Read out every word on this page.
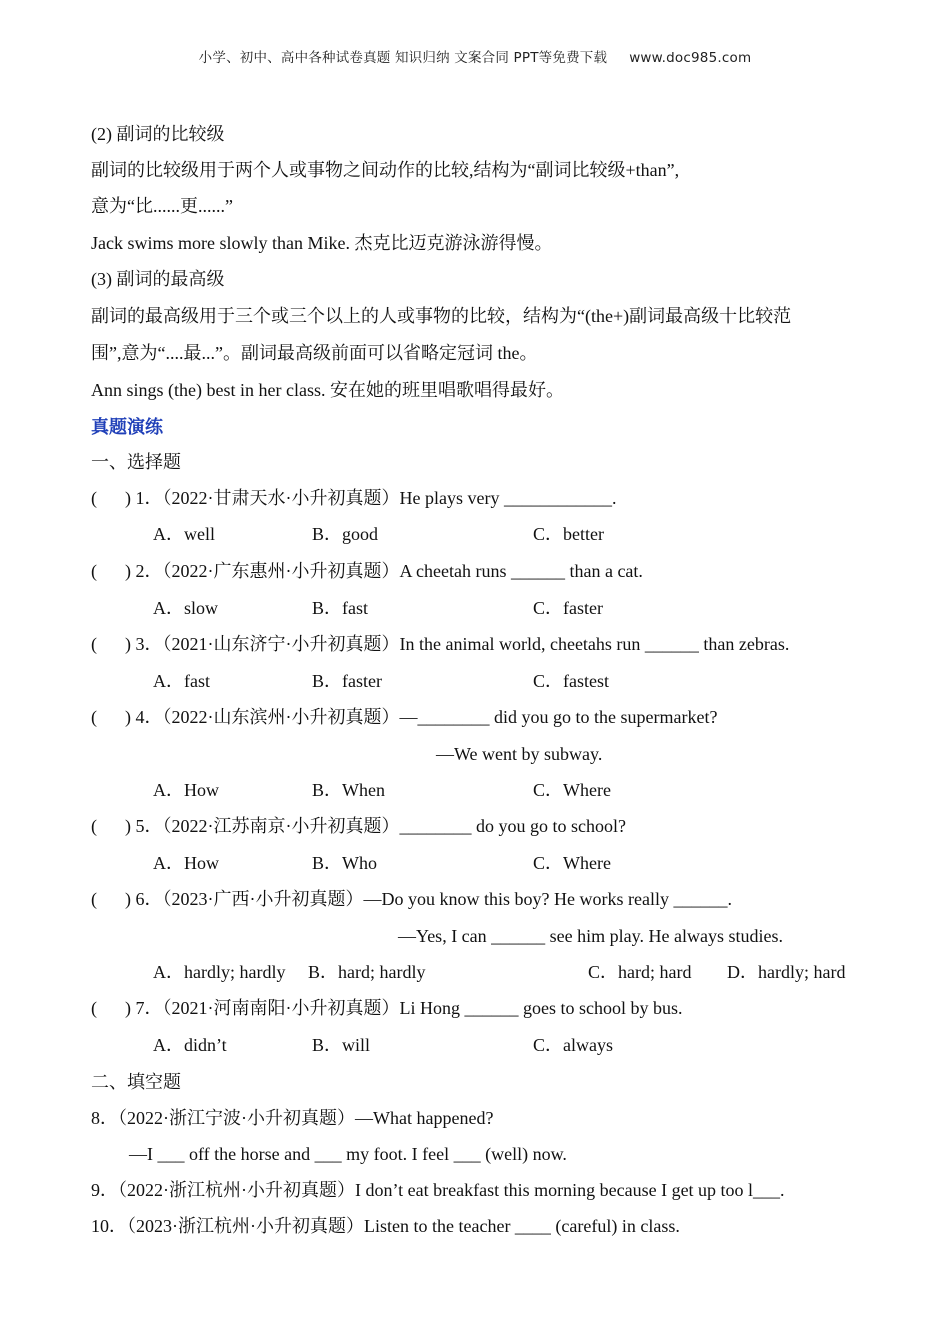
小学、初中、高中各种试卷真题 知识归纳 文案合同 PPT等免费下载 www.doc985.com
(2) 副词的比较级
副词的比较级用于两个人或事物之间动作的比较,结构为“副词比较级+than”,
意为“比......更......”
Jack swims more slowly than Mike. 杰克比迈克游泳游得慢。
(3) 副词的最高级
副词的最高级用于三个或三个以上的人或事物的比较，结构为“(the+)副词最高级十比较范
围”,意为“....最...”。副词最高级前面可以省略定冠词 the。
Ann sings (the) best in her class. 安在她的班里唱歌唱得最好。
真题演练
一、选择题
( ) 1．（2022·甘肃天水·小升初真题）He plays very ____________.
A．well	B．good	C．better
( ) 2．（2022·广东惠州·小升初真题）A cheetah runs ______ than a cat.
A．slow	B．fast	C．faster
( ) 3．（2021·山东济宁·小升初真题）In the animal world, cheetahs run ______ than zebras.
A．fast	B．faster	C．fastest
( ) 4．（2022·山东滨州·小升初真题）—________ did you go to the supermarket?
—We went by subway.
A．How	B．When	C．Where
( ) 5．（2022·江苏南京·小升初真题）________ do you go to school?
A．How	B．Who	C．Where
( ) 6．（2023·广西·小升初真题）—Do you know this boy? He works really ______.
—Yes, I can ______ see him play. He always studies.
A．hardly; hardly B．hard; hardly	C．hard; hard D．hardly; hard
( ) 7．（2021·河南南阳·小升初真题）Li Hong ______ goes to school by bus.
A．didn’t	B．will	C．always
二、填空题
8．（2022·浙江宁波·小升初真题）—What happened?
—I ___ off the horse and ___ my foot. I feel ___ (well) now.
9．（2022·浙江杭州·小升初真题）I don’t eat breakfast this morning because I get up too l___.
10．（2023·浙江杭州·小升初真题）Listen to the teacher ____ (careful) in class.
